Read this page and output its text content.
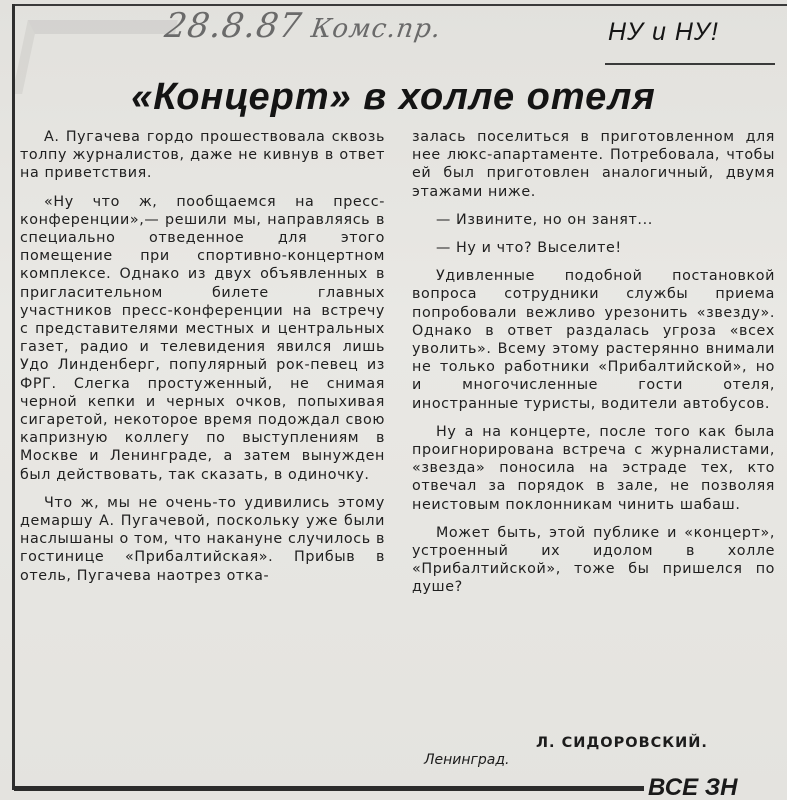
28.8.87 Комс.пр.	НУ и НУ!
«Концерт» в холле отеля

А. Пугачева гордо прошествовала сквозь толпу журналистов, даже не кивнув в ответ на приветствия.

«Ну что ж, пообщаемся на пресс-конференции»,— решили мы, направляясь в специально отведенное для этого помещение при спортивно-концертном комплексе. Однако из двух объявленных в пригласительном билете главных участников пресс-конференции на встречу с представителями местных и центральных газет, радио и телевидения явился лишь Удо Линденберг, популярный рок-певец из ФРГ. Слегка простуженный, не снимая черной кепки и черных очков, попыхивая сигаретой, некоторое время подождал свою капризную коллегу по выступлениям в Москве и Ленинграде, а затем вынужден был действовать, так сказать, в одиночку.

Что ж, мы не очень-то удивились этому демаршу А. Пугачевой, поскольку уже были наслышаны о том, что накануне случилось в гостинице «Прибалтийская». Прибыв в отель, Пугачева наотрез отка-

залась поселиться в приготовленном для нее люкс-апартаменте. Потребовала, чтобы ей был приготовлен аналогичный, двумя этажами ниже.

— Извините, но он занят...

— Ну и что? Выселите!

Удивленные подобной постановкой вопроса сотрудники службы приема попробовали вежливо урезонить «звезду». Однако в ответ раздалась угроза «всех уволить». Всему этому растерянно внимали не только работники «Прибалтийской», но и многочисленные гости отеля, иностранные туристы, водители автобусов.

Ну а на концерте, после того как была проигнорирована встреча с журналистами, «звезда» поносила на эстраде тех, кто отвечал за порядок в зале, не позволяя неистовым поклонникам чинить шабаш.

Может быть, этой публике и «концерт», устроенный их идолом в холле «Прибалтийской», тоже бы пришелся по душе?

Л. СИДОРОВСКИЙ.
Ленинград.
ВСЕ ЗН
